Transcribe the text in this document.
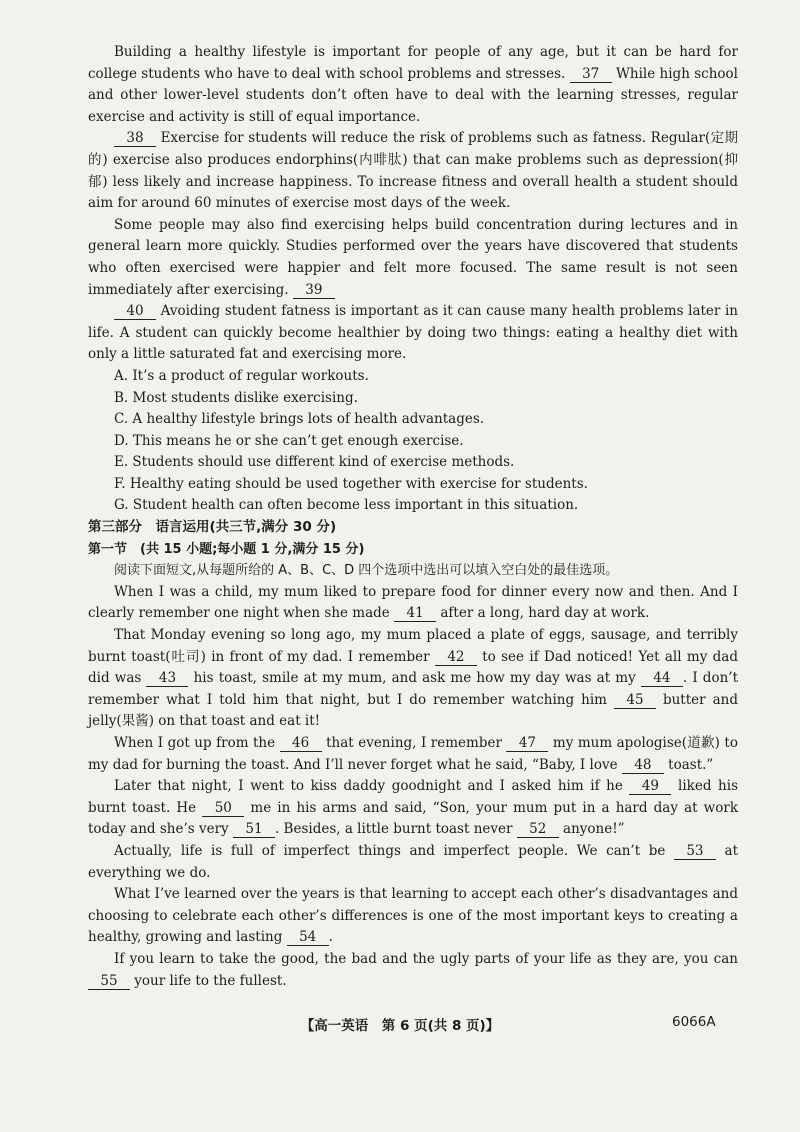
Building a healthy lifestyle is important for people of any age, but it can be hard for college students who have to deal with school problems and stresses. 37 While high school and other lower-level students don’t often have to deal with the learning stresses, regular exercise and activity is still of equal importance.

38 Exercise for students will reduce the risk of problems such as fatness. Regular(定期的) exercise also produces endorphins(内啡肽) that can make problems such as depression(抑郁) less likely and increase happiness. To increase fitness and overall health a student should aim for around 60 minutes of exercise most days of the week.

Some people may also find exercising helps build concentration during lectures and in general learn more quickly. Studies performed over the years have discovered that students who often exercised were happier and felt more focused. The same result is not seen immediately after exercising. 39

40 Avoiding student fatness is important as it can cause many health problems later in life. A student can quickly become healthier by doing two things: eating a healthy diet with only a little saturated fat and exercising more.

A. It’s a product of regular workouts.

B. Most students dislike exercising.

C. A healthy lifestyle brings lots of health advantages.

D. This means he or she can’t get enough exercise.

E. Students should use different kind of exercise methods.

F. Healthy eating should be used together with exercise for students.

G. Student health can often become less important in this situation.

第三部分　语言运用(共三节,满分 30 分)

第一节　(共 15 小题;每小题 1 分,满分 15 分)

阅读下面短文,从每题所给的 A、B、C、D 四个选项中选出可以填入空白处的最佳选项。

When I was a child, my mum liked to prepare food for dinner every now and then. And I clearly remember one night when she made 41 after a long, hard day at work.

That Monday evening so long ago, my mum placed a plate of eggs, sausage, and terribly burnt toast(吐司) in front of my dad. I remember 42 to see if Dad noticed! Yet all my dad did was 43 his toast, smile at my mum, and ask me how my day was at my 44 . I don’t remember what I told him that night, but I do remember watching him 45 butter and jelly(果酱) on that toast and eat it!

When I got up from the 46 that evening, I remember 47 my mum apologise(道歉) to my dad for burning the toast. And I’ll never forget what he said, “Baby, I love 48 toast.”

Later that night, I went to kiss daddy goodnight and I asked him if he 49 liked his burnt toast. He 50 me in his arms and said, “Son, your mum put in a hard day at work today and she’s very 51 . Besides, a little burnt toast never 52 anyone!”

Actually, life is full of imperfect things and imperfect people. We can’t be 53 at everything we do.

What I’ve learned over the years is that learning to accept each other’s disadvantages and choosing to celebrate each other’s differences is one of the most important keys to creating a healthy, growing and lasting 54 .

If you learn to take the good, the bad and the ugly parts of your life as they are, you can 55 your life to the fullest.

【高一英语　第 6 页(共 8 页)】	6066A
